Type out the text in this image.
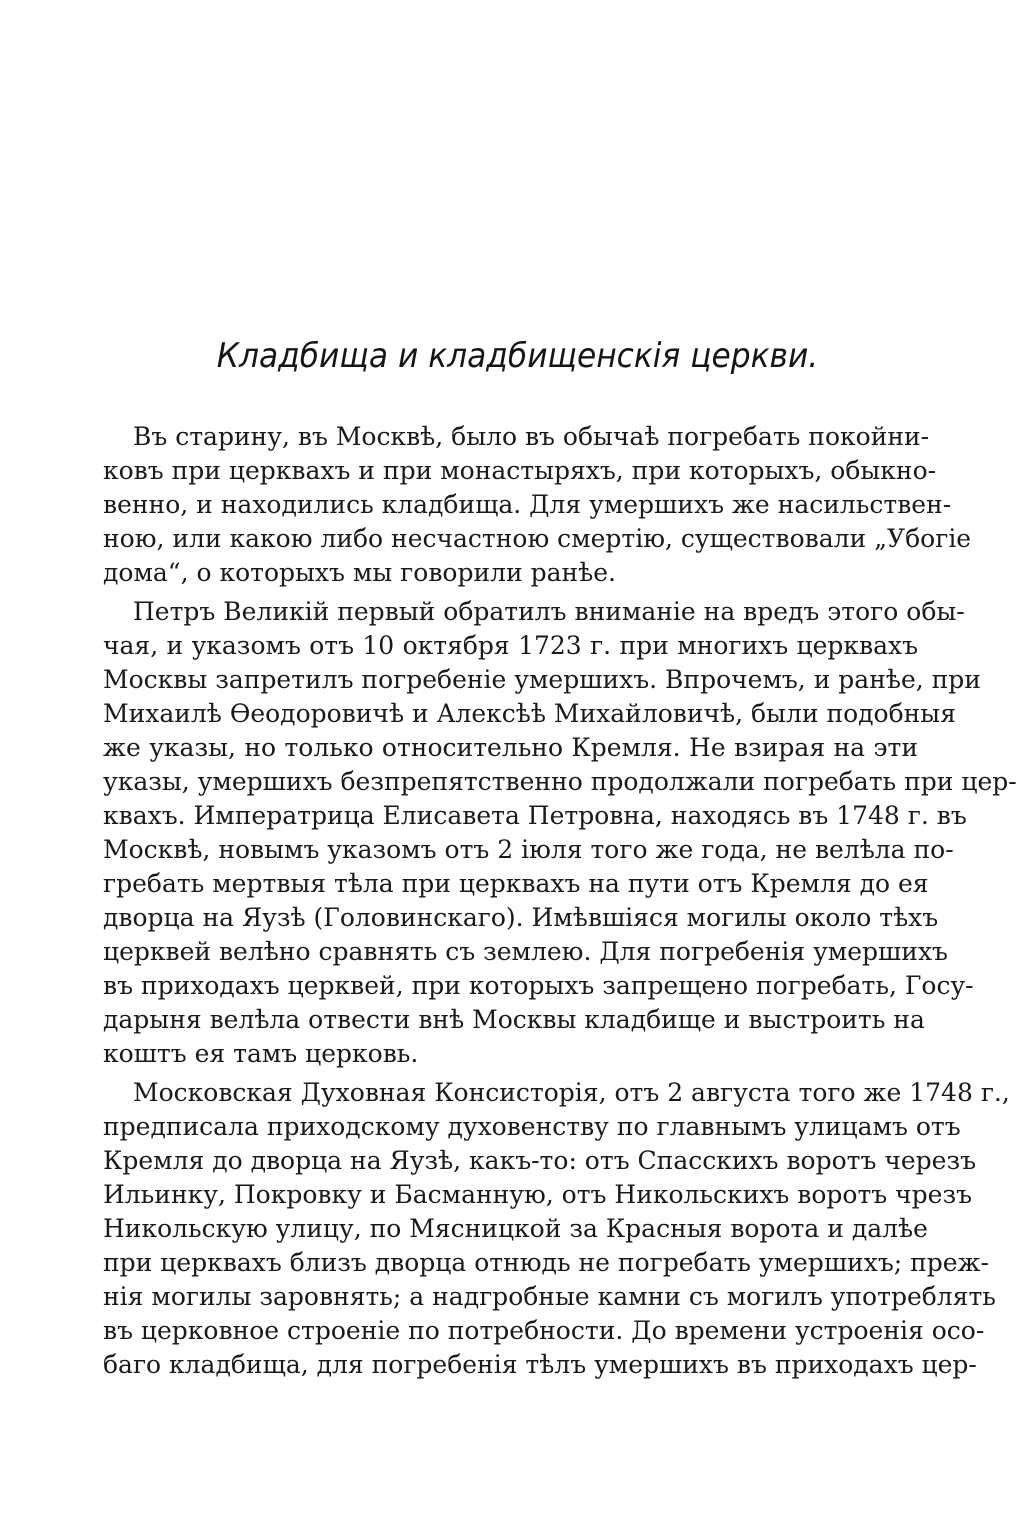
Кладбища и кладбищенскія церкви.
Въ старину, въ Москвѣ, было въ обычаѣ погребать покойни-
ковъ при церквахъ и при монастыряхъ, при которыхъ, обыкно-
венно, и находились кладбища. Для умершихъ же насильствен-
ною, или какою либо несчастною смертію, существовали „Убогіе
дома“, о которыхъ мы говорили ранѣе.
Петръ Великій первый обратилъ вниманіе на вредъ этого обы-
чая, и указомъ отъ 10 октября 1723 г. при многихъ церквахъ
Москвы запретилъ погребеніе умершихъ. Впрочемъ, и ранѣе, при
Михаилѣ Ѳеодоровичѣ и Алексѣѣ Михайловичѣ, были подобныя
же указы, но только относительно Кремля. Не взирая на эти
указы, умершихъ безпрепятственно продолжали погребать при цер-
квахъ. Императрица Елисавета Петровна, находясь въ 1748 г. въ
Москвѣ, новымъ указомъ отъ 2 іюля того же года, не велѣла по-
гребать мертвыя тѣла при церквахъ на пути отъ Кремля до ея
дворца на Яузѣ (Головинскаго). Имѣвшіяся могилы около тѣхъ
церквей велѣно сравнять съ землею. Для погребенія умершихъ
въ приходахъ церквей, при которыхъ запрещено погребать, Госу-
дарыня велѣла отвести внѣ Москвы кладбище и выстроить на
коштъ ея тамъ церковь.
Московская Духовная Консисторія, отъ 2 августа того же 1748 г.,
предписала приходскому духовенству по главнымъ улицамъ отъ
Кремля до дворца на Яузѣ, какъ-то: отъ Спасскихъ воротъ черезъ
Ильинку, Покровку и Басманную, отъ Никольскихъ воротъ чрезъ
Никольскую улицу, по Мясницкой за Красныя ворота и далѣе
при церквахъ близъ дворца отнюдь не погребать умершихъ; преж-
нія могилы заровнять; а надгробные камни съ могилъ употреблять
въ церковное строеніе по потребности. До времени устроенія осо-
баго кладбища, для погребенія тѣлъ умершихъ въ приходахъ цер-
